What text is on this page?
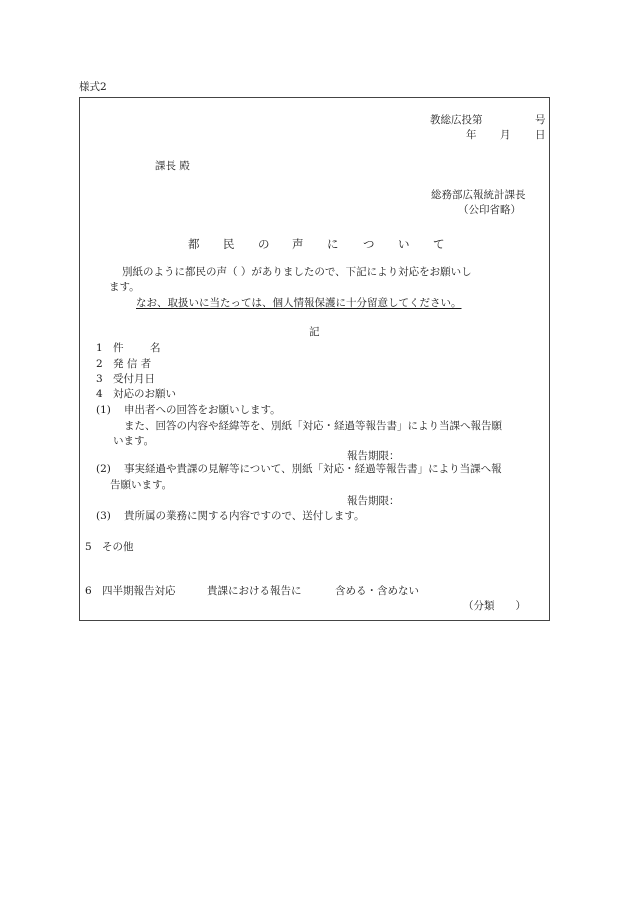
様式2
教総広投第	号
年 月 日
課長 殿
総務部広報統計課長
（公印省略）
都 民 の 声 に つ い て
別紙のように都民の声（ ）がありましたので、下記により対応をお願いし
ます。
なお、取扱いに当たっては、個人情報保護に十分留意してください。
記
1 件	名
2 発 信 者
3 受付月日
4 対応のお願い
(1) 申出者への回答をお願いします。
また、回答の内容や経緯等を、別紙「対応・経過等報告書」により当課へ報告願
います。
報告期限：
(2) 事実経過や貴課の見解等について、別紙「対応・経過等報告書」により当課へ報
告願います。
報告期限：
(3) 貴所属の業務に関する内容ですので、送付します。
5 その他
6 四半期報告対応	貴課における報告に	含める・含めない
（分類　　）
